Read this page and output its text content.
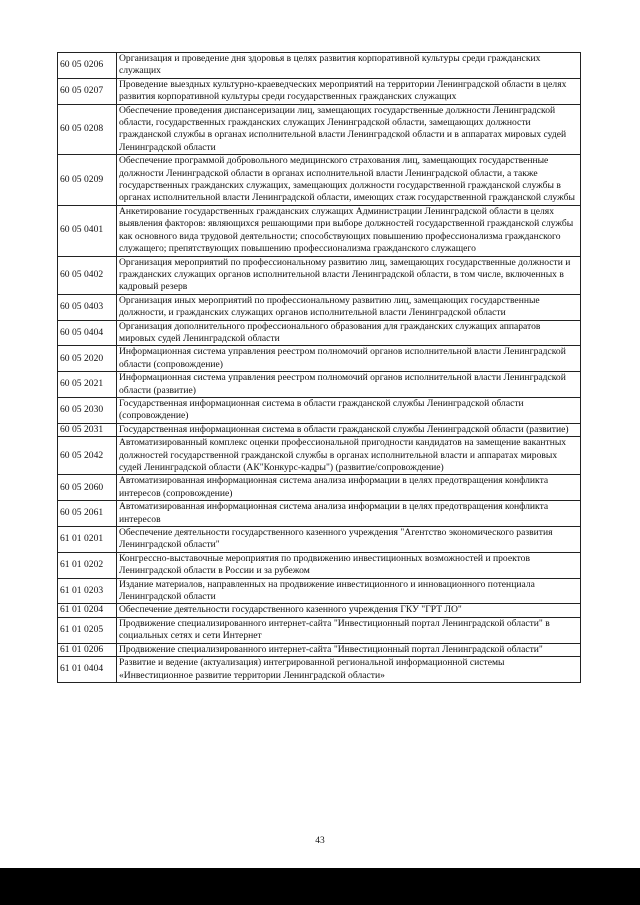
60 05 0206	Организация и проведение дня здоровья в целях развития корпоративной культуры среди гражданских служащих
60 05 0207	Проведение выездных культурно-краеведческих мероприятий на территории Ленинградской области в целях развития корпоративной культуры среди государственных гражданских служащих
60 05 0208	Обеспечение проведения диспансеризации лиц, замещающих государственные должности Ленинградской области, государственных гражданских служащих Ленинградской области, замещающих должности гражданской службы в органах исполнительной власти Ленинградской области и в аппаратах мировых судей Ленинградской области
60 05 0209	Обеспечение программой добровольного медицинского страхования лиц, замещающих государственные должности Ленинградской области в органах исполнительной власти Ленинградской области, а также государственных гражданских служащих, замещающих должности государственной гражданской службы в органах исполнительной власти Ленинградской области, имеющих стаж государственной гражданской службы
60 05 0401	Анкетирование государственных гражданских служащих Администрации Ленинградской области в целях выявления факторов: являющихся решающими при выборе должностей государственной гражданской службы как основного вида трудовой деятельности; способствующих повышению профессионализма гражданского служащего; препятствующих повышению профессионализма гражданского служащего
60 05 0402	Организация мероприятий по профессиональному развитию лиц, замещающих государственные должности и гражданских служащих органов исполнительной власти Ленинградской области, в том числе, включенных в кадровый резерв
60 05 0403	Организация иных мероприятий по профессиональному развитию лиц, замещающих государственные должности, и гражданских служащих органов исполнительной власти Ленинградской области
60 05 0404	Организация дополнительного профессионального образования для гражданских служащих аппаратов мировых судей Ленинградской области
60 05 2020	Информационная система управления реестром полномочий органов исполнительной власти Ленинградской области (сопровождение)
60 05 2021	Информационная система управления реестром полномочий органов исполнительной власти Ленинградской области (развитие)
60 05 2030	Государственная информационная система в области гражданской службы Ленинградской области (сопровождение)
60 05 2031	Государственная информационная система в области гражданской службы Ленинградской области (развитие)
60 05 2042	Автоматизированный комплекс оценки профессиональной пригодности кандидатов на замещение вакантных должностей государственной гражданской службы в органах исполнительной власти и аппаратах мировых судей Ленинградской области (АК"Конкурс-кадры") (развитие/сопровождение)
60 05 2060	Автоматизированная информационная система анализа информации в целях предотвращения конфликта интересов (сопровождение)
60 05 2061	Автоматизированная информационная система анализа информации в целях предотвращения конфликта интересов
61 01 0201	Обеспечение деятельности государственного казенного учреждения "Агентство экономического развития Ленинградской области"
61 01 0202	Конгрессно-выставочные мероприятия по продвижению инвестиционных возможностей и проектов Ленинградской области в России и за рубежом
61 01 0203	Издание материалов, направленных на продвижение инвестиционного и инновационного потенциала Ленинградской области
61 01 0204	Обеспечение деятельности государственного казенного учреждения ГКУ "ГРТ ЛО"
61 01 0205	Продвижение специализированного интернет-сайта "Инвестиционный портал Ленинградской области" в социальных сетях и сети Интернет
61 01 0206	Продвижение специализированного интернет-сайта "Инвестиционный портал Ленинградской области"
61 01 0404	Развитие и ведение (актуализация) интегрированной региональной информационной системы «Инвестиционное развитие территории Ленинградской области»
43
